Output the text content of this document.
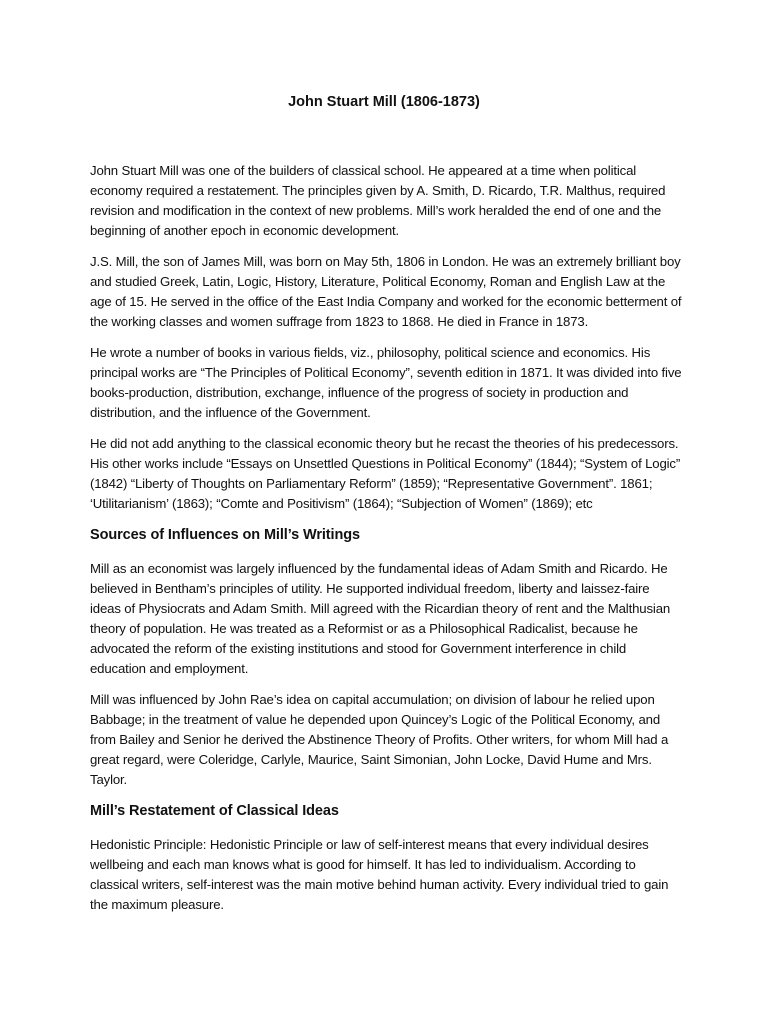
John Stuart Mill (1806-1873)

John Stuart Mill was one of the builders of classical school. He appeared at a time when political economy required a restatement. The principles given by A. Smith, D. Ricardo, T.R. Malthus, required revision and modification in the context of new problems. Mill’s work heralded the end of one and the beginning of another epoch in economic development.

J.S. Mill, the son of James Mill, was born on May 5th, 1806 in London. He was an extremely brilliant boy and studied Greek, Latin, Logic, History, Literature, Political Economy, Roman and English Law at the age of 15. He served in the office of the East India Company and worked for the economic betterment of the working classes and women suffrage from 1823 to 1868. He died in France in 1873.

He wrote a number of books in various fields, viz., philosophy, political science and economics. His principal works are “The Principles of Political Economy”, seventh edition in 1871. It was divided into five books-production, distribution, exchange, influence of the progress of society in production and distribution, and the influence of the Government.

He did not add anything to the classical economic theory but he recast the theories of his predecessors. His other works include “Essays on Unsettled Questions in Political Economy” (1844); “System of Logic” (1842) “Liberty of Thoughts on Parliamentary Reform” (1859); “Representative Government”. 1861; ‘Utilitarianism’ (1863); “Comte and Positivism” (1864); “Subjection of Women” (1869); etc

Sources of Influences on Mill’s Writings

Mill as an economist was largely influenced by the fundamental ideas of Adam Smith and Ricardo. He believed in Bentham’s principles of utility. He supported individual freedom, liberty and laissez-faire ideas of Physiocrats and Adam Smith. Mill agreed with the Ricardian theory of rent and the Malthusian theory of population. He was treated as a Reformist or as a Philosophical Radicalist, because he advocated the reform of the existing institutions and stood for Government interference in child education and employment.

Mill was influenced by John Rae’s idea on capital accumulation; on division of labour he relied upon Babbage; in the treatment of value he depended upon Quincey’s Logic of the Political Economy, and from Bailey and Senior he derived the Abstinence Theory of Profits. Other writers, for whom Mill had a great regard, were Coleridge, Carlyle, Maurice, Saint Simonian, John Locke, David Hume and Mrs. Taylor.

Mill’s Restatement of Classical Ideas

Hedonistic Principle: Hedonistic Principle or law of self-interest means that every individual desires wellbeing and each man knows what is good for himself. It has led to individualism. According to classical writers, self-interest was the main motive behind human activity. Every individual tried to gain the maximum pleasure.
